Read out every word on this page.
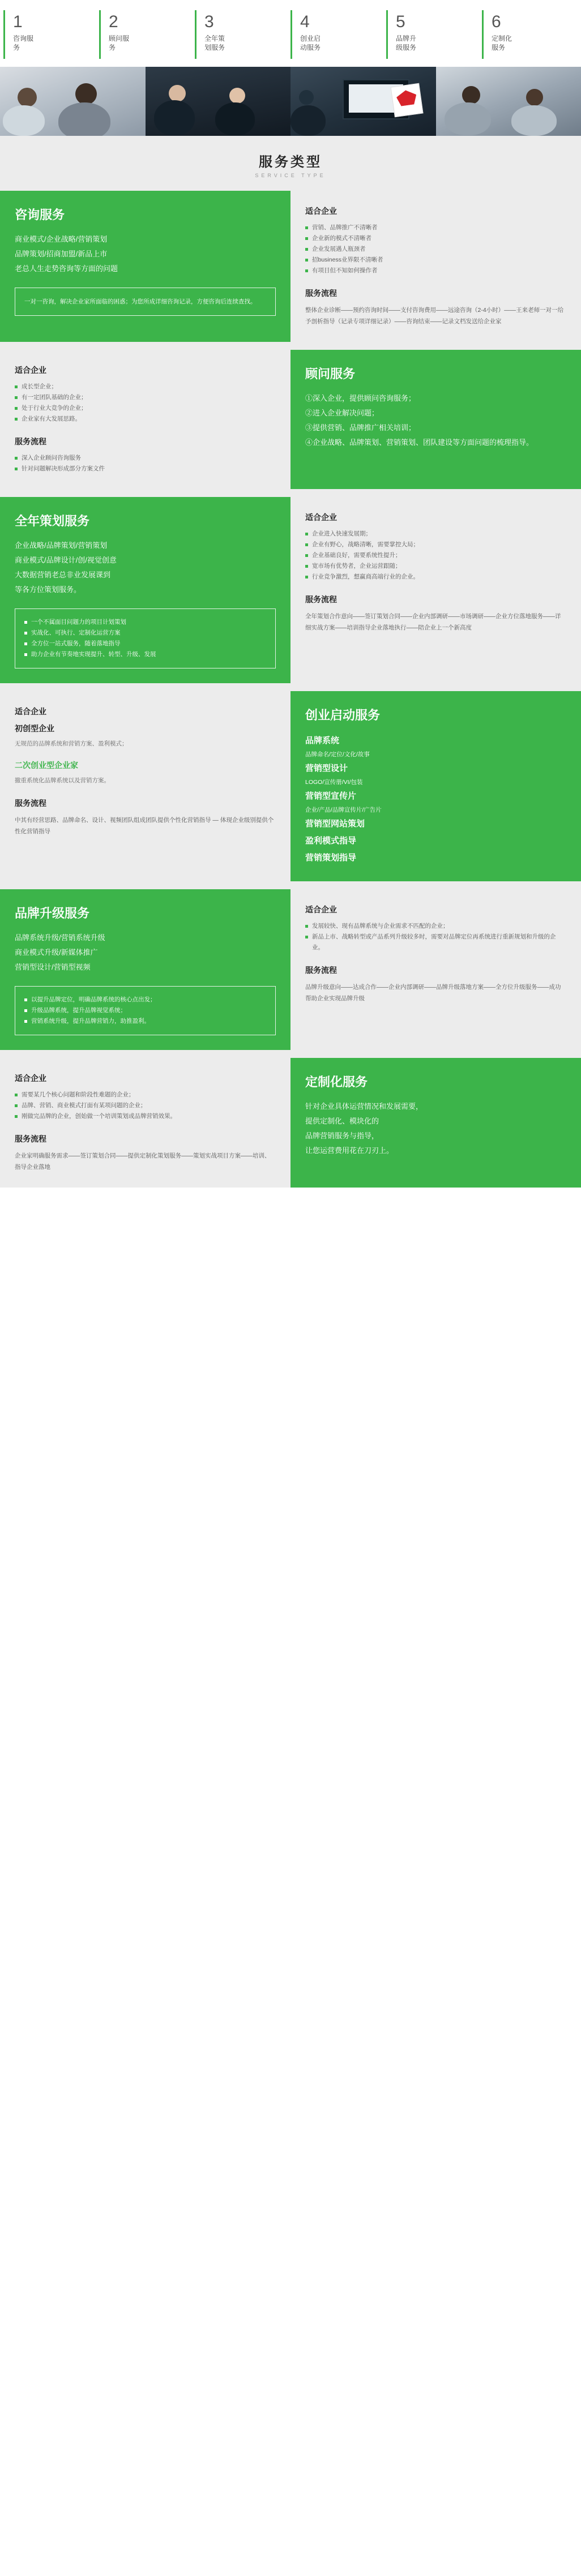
1
咨询服务
2
顾问服务
3
全年策划服务
4
创业启动服务
5
品牌升级服务
6
定制化服务
服务类型
SERVICE TYPE
咨询服务
商业模式/企业战略/营销策划
品牌策划/招商加盟/新品上市
老总人生走势咨询等方面的问题
一对一咨询，解决企业家所面临的困惑；为您所成详细咨询记录，方便咨询后连续查找。
适合企业
营销、品牌推广不清晰者
企业新的模式不清晰者
企业发展遇人瓶颈者
招business业界限不清晰者
有项目但不知如何操作者
服务流程
整体企业诊断——预约咨询时间——支付咨询费用——远途咨询（2-4小时）——王来老师一对一给予剖析指导（记录专项详细记录）——咨询结束——记录文档发送给企业家
适合企业
成长型企业；
有一定团队基础的企业；
处于行业大竞争的企业；
企业家有大发展思路。
服务流程
深入企业顾问咨询服务
针对问题解决形成部分方案文件
顾问服务
①深入企业，提供顾问咨询服务；
②进入企业解决问题；
③提供营销、品牌推广相关培训；
④企业战略、品牌策划、营销策划、团队建设等方面问题的梳理指导。
全年策划服务
企业战略/品牌策划/营销策划
商业模式/品牌设计/创/视觉创意
大数据营销老总非业发展课到
等各方位策划服务。
一个不属面目问题力的项目计划策划
实战化、可执行、定制化运营方案
全方位一站式服务，随着落地指导
助力企业有节奏地实现提升、转型、升级、发展
适合企业
企业进入快速发展期；
企业有野心，战略清晰，需要掌控大局；
企业基础良好，需要系统性提升；
宽市场有优势者，企业运营跟随；
行业竞争激烈，想赢商高端行业的企业。
服务流程
全年策划合作意向——签订策划合同——企业内部调研——市场调研——企业方位落地服务——详细实战方案——培训指导企业落地执行——陪企业上一个新高度
适合企业
初创型企业
无规范的品牌系统和营销方案、盈利模式；
二次创业型企业家
撤重系统化品牌系统以及营销方案。
服务流程
中其有经营思路、品牌命名、设计、视频团队组成团队提供个性化营销指导 — 体现企业级别提供个性化营销指导
创业启动服务
品牌系统
品牌命名/定位/文化/故事
营销型设计
LOGO/宣传册/VI/包装
营销型宣传片
企业/产品/品牌宣传片/广告片
营销型网站策划
盈利模式指导
营销策划指导
品牌升级服务
品牌系统升级/营销系统升级
商业模式升级/新媒体推广
营销型设计/营销型视频
以提升品牌定位，明确品牌系统的核心点出发；
升级品牌系统，提升品牌视觉系统；
营销系统升级，提升品牌营销力，助推盈利。
适合企业
发展较快、现有品牌系统与企业需求不匹配的企业；
新品上市、战略转型或产品系列升级较多时，需要对品牌定位再系统进行重新规划和升级的企业。
服务流程
品牌升级意向——达成合作——企业内部调研——品牌升级落地方案——全方位升级服务——成功帮助企业实现品牌升级
适合企业
需要某几个核心问题和阶段性难题的企业；
品牌、营销、商业模式打面有某项问题的企业；
刚做完品牌的企业，创始做一个培训策划或品牌营销效果。
服务流程
企业家明确服务需求——签订策划合同——提供定制化策划服务——策划实战项目方案——培训、指导企业落地
定制化服务
针对企业具体运营情况和发展需要，
提供定制化、模块化的
品牌营销服务与指导，
让您运营费用花在刀刃上。
